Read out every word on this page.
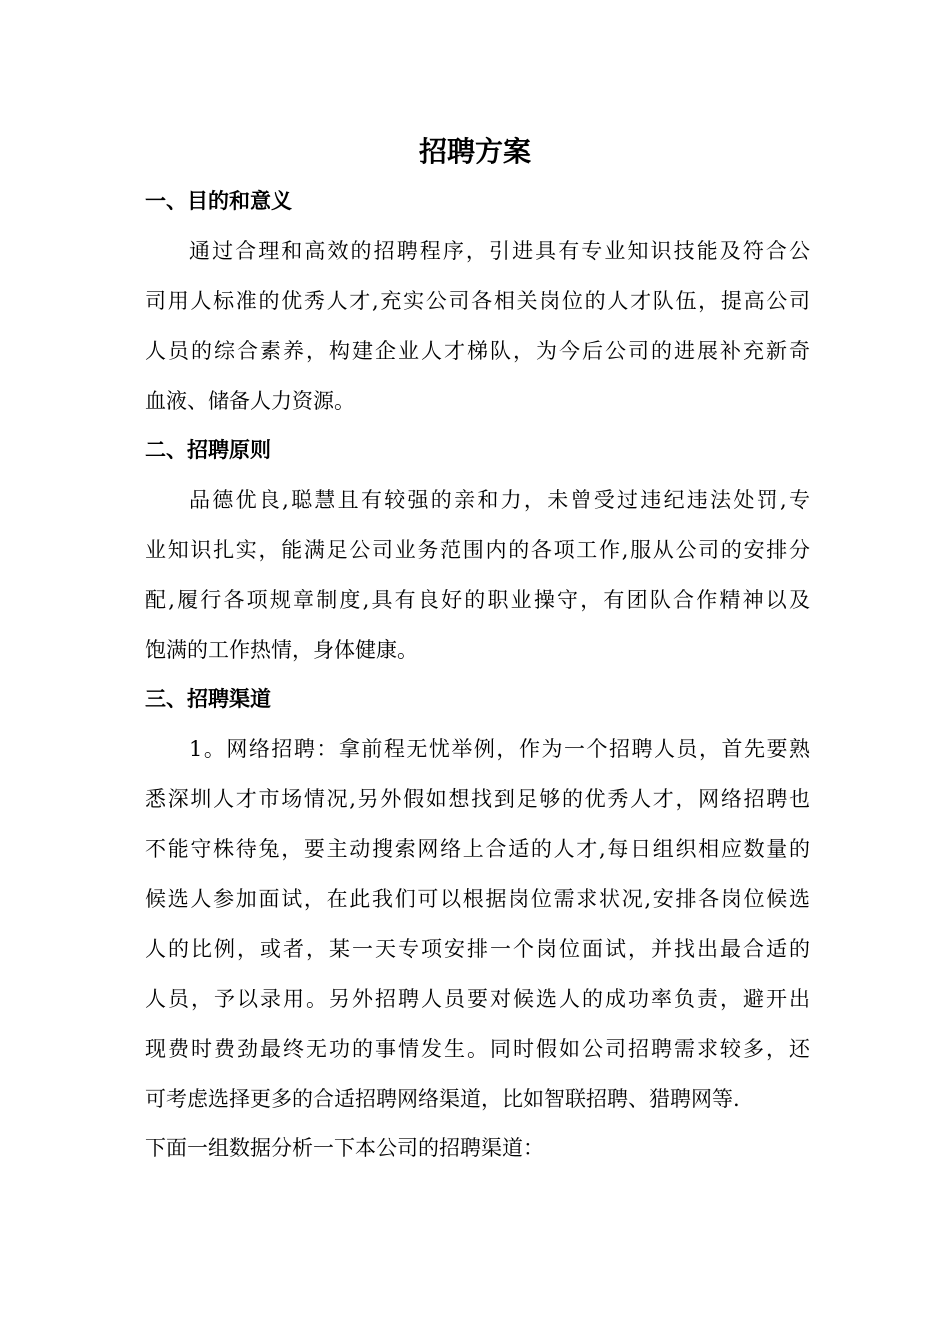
招聘方案
一、目的和意义
通过合理和高效的招聘程序，引进具有专业知识技能及符合公
司用人标准的优秀人才,充实公司各相关岗位的人才队伍，提高公司
人员的综合素养，构建企业人才梯队，为今后公司的进展补充新奇
血液、储备人力资源。
二、招聘原则
品德优良,聪慧且有较强的亲和力，未曾受过违纪违法处罚,专
业知识扎实，能满足公司业务范围内的各项工作,服从公司的安排分
配,履行各项规章制度,具有良好的职业操守，有团队合作精神以及
饱满的工作热情，身体健康。
三、招聘渠道
1。网络招聘：拿前程无忧举例，作为一个招聘人员，首先要熟
悉深圳人才市场情况,另外假如想找到足够的优秀人才，网络招聘也
不能守株待兔，要主动搜索网络上合适的人才,每日组织相应数量的
候选人参加面试，在此我们可以根据岗位需求状况,安排各岗位候选
人的比例，或者，某一天专项安排一个岗位面试，并找出最合适的
人员，予以录用。另外招聘人员要对候选人的成功率负责，避开出
现费时费劲最终无功的事情发生。同时假如公司招聘需求较多，还
可考虑选择更多的合适招聘网络渠道，比如智联招聘、猎聘网等.

下面一组数据分析一下本公司的招聘渠道：
